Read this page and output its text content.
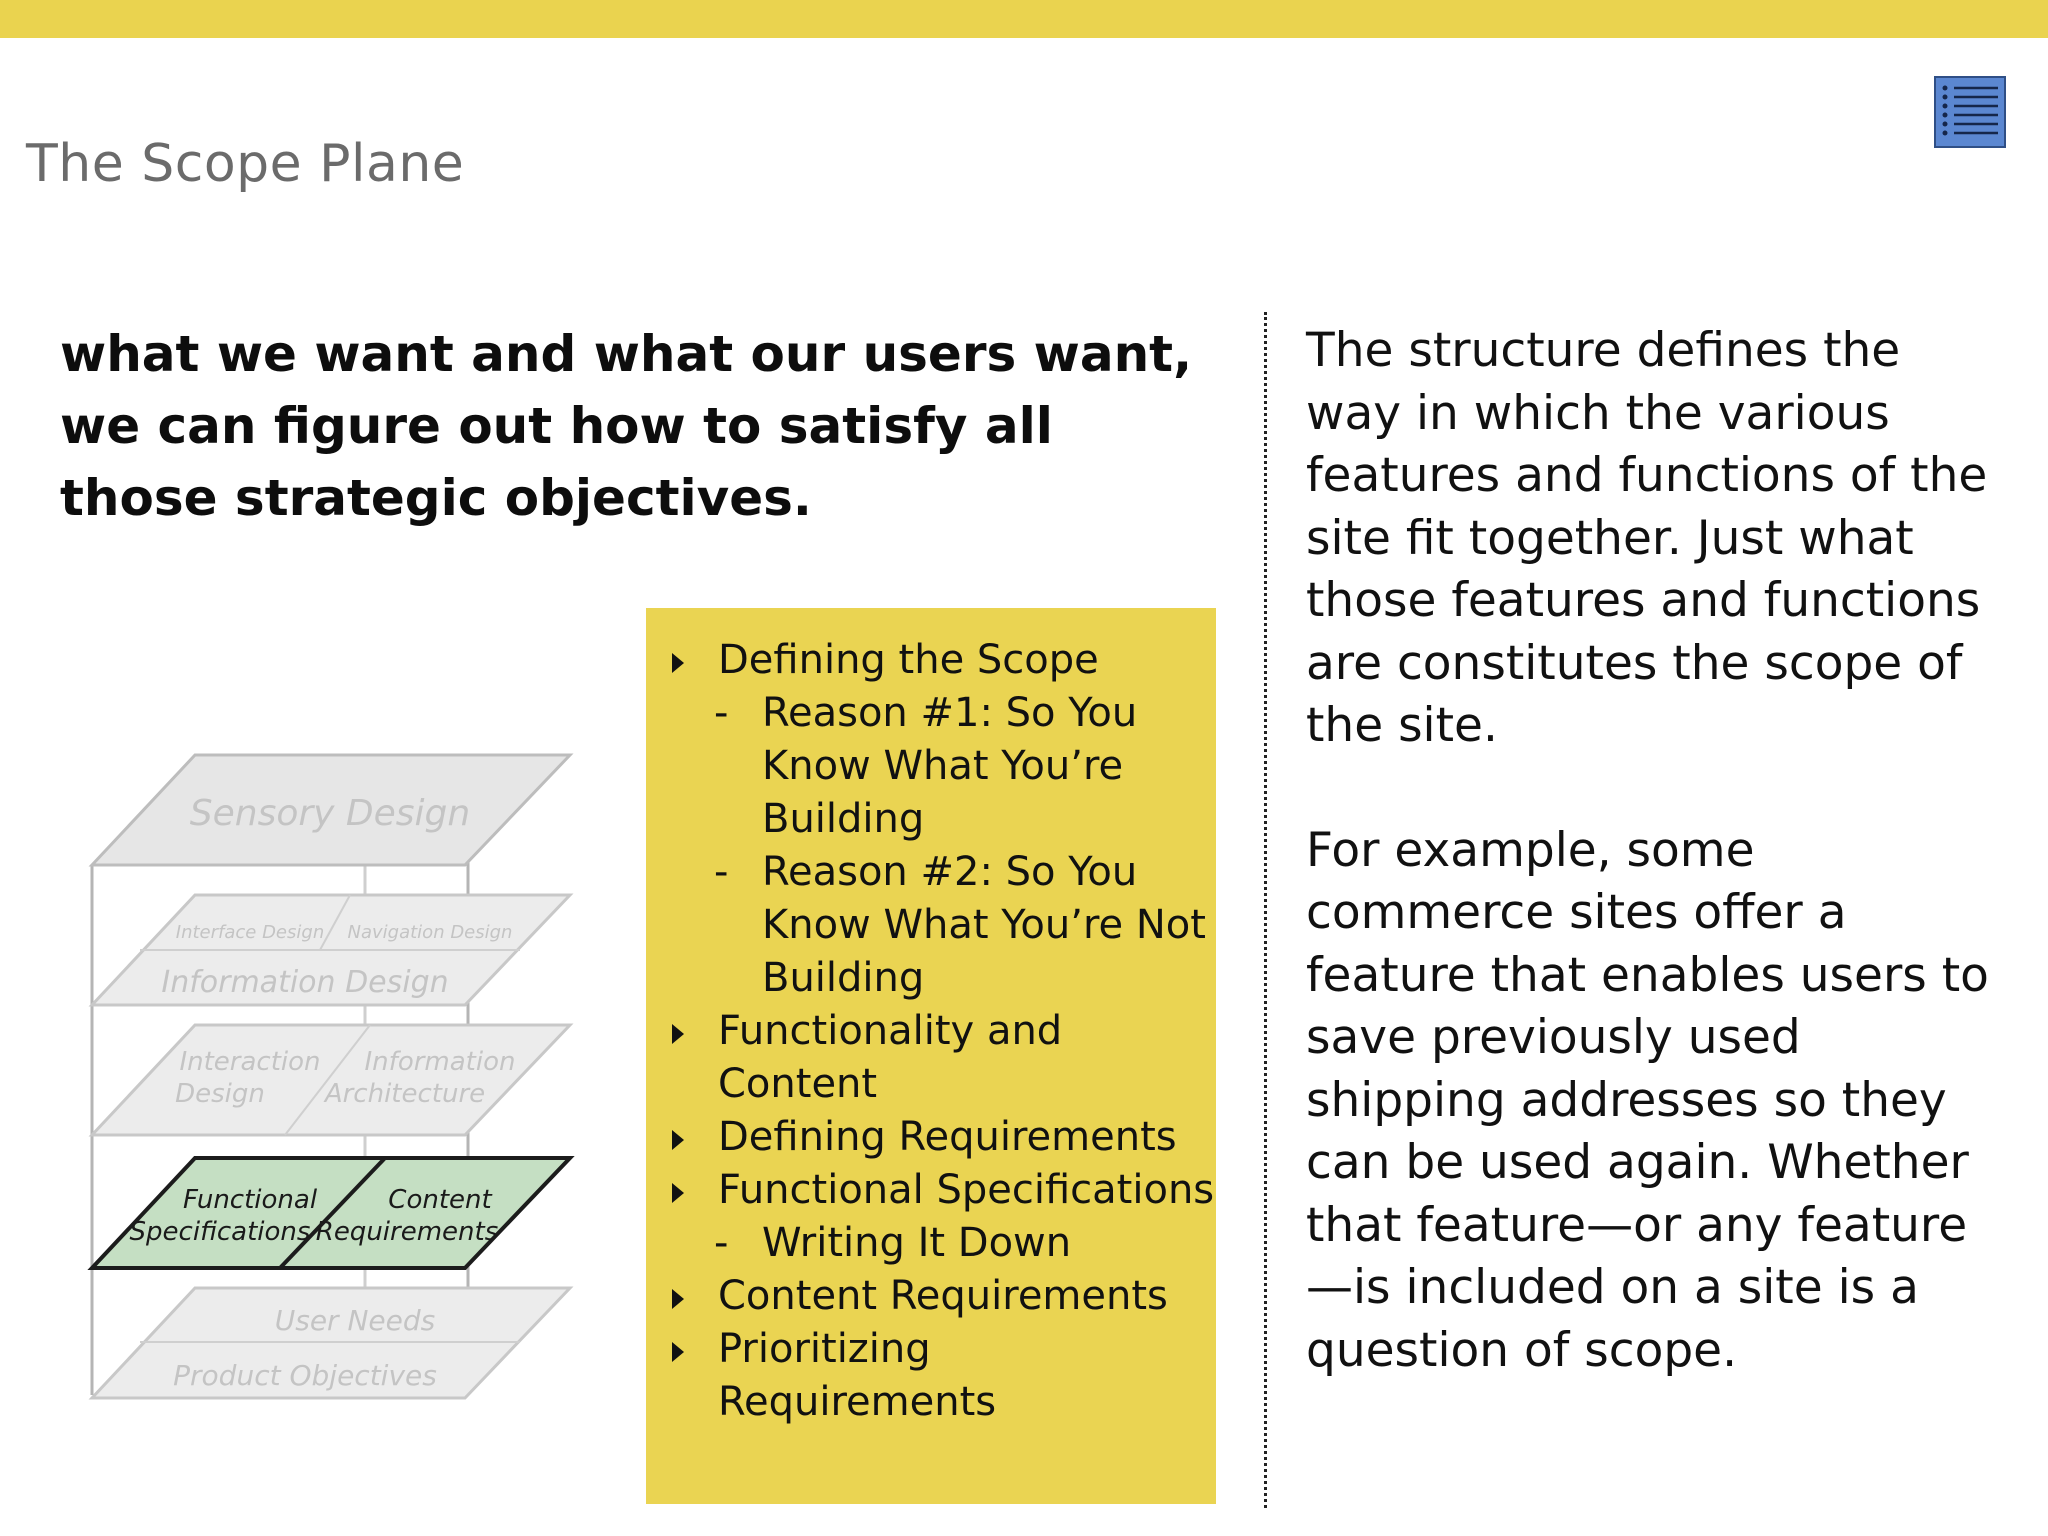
The Scope Plane
what we want and what our users want, we can figure out how to satisfy all those strategic objectives.
Sensory Design
Interface Design Navigation Design
Information Design
Interaction
Design
Information
Architecture
Functional
Specifications
Content
Requirements
User Needs
Product Objectives
Defining the Scope
- Reason #1: So You
Know What You’re
Building
- Reason #2: So You
Know What You’re Not
Building
Functionality and
Content
Defining Requirements
Functional Specifications
- Writing It Down
Content Requirements
Prioritizing
Requirements

The structure defines the way in which the various features and functions of the site fit together. Just what those features and functions are constitutes the scope of the site.

For example, some commerce sites offer a feature that enables users to save previously used shipping addresses so they can be used again. Whether that feature—or any feature—is included on a site is a question of scope.
